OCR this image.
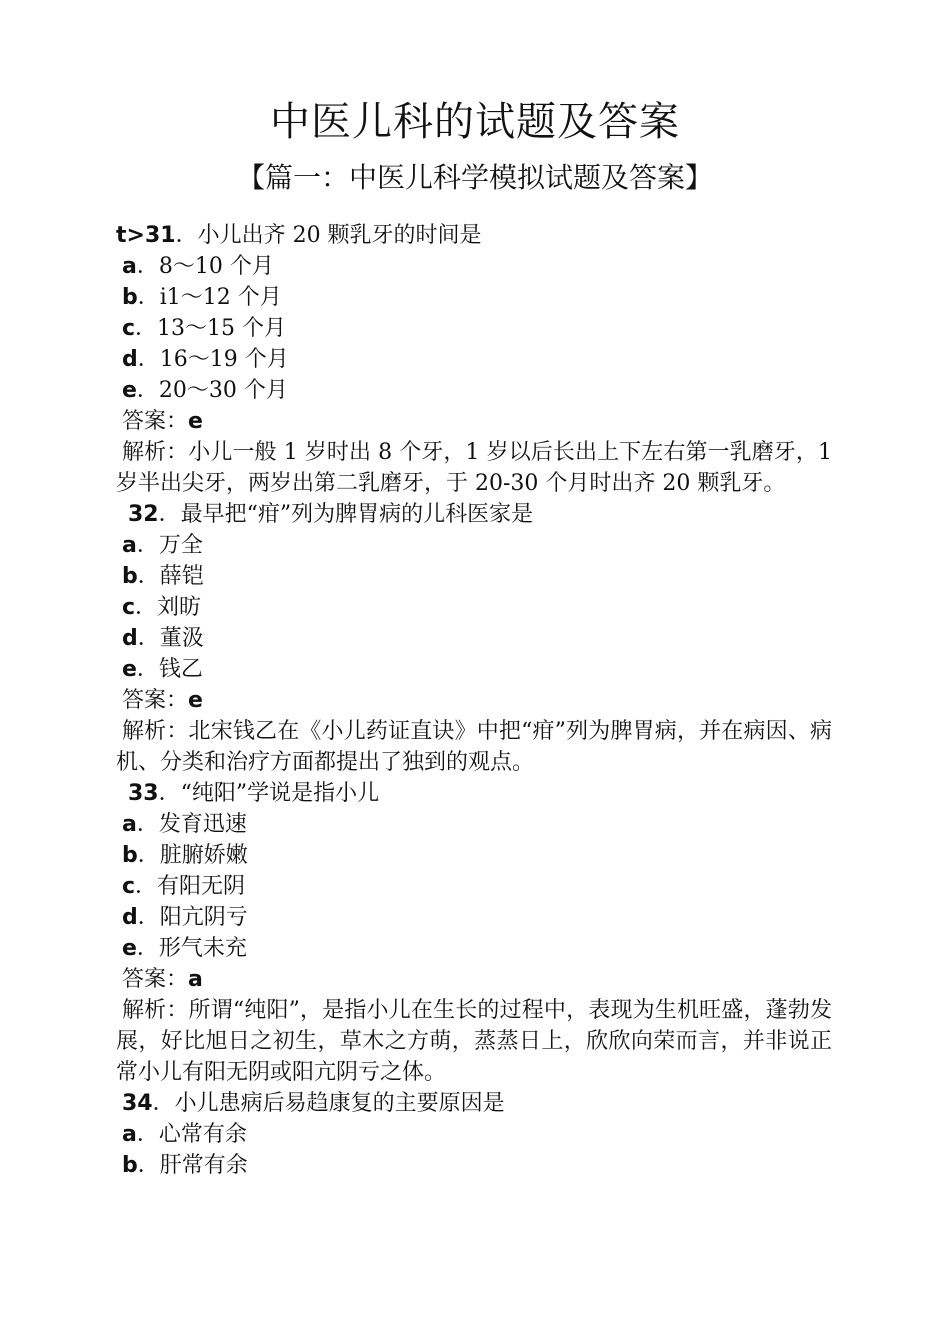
中医儿科的试题及答案
【篇一：中医儿科学模拟试题及答案】
t>31．小儿出齐 20 颗乳牙的时间是
a．8～10 个月
b．i1～12 个月
c．13～15 个月
d．16～19 个月
e．20～30 个月
答案：e
解析：小儿一般 1 岁时出 8 个牙，1 岁以后长出上下左右第一乳磨牙，1 岁半出尖牙，两岁出第二乳磨牙，于 20-30 个月时出齐 20 颗乳牙。
32．最早把“疳”列为脾胃病的儿科医家是
a．万全
b．薛铠
c．刘昉
d．董汲
e．钱乙
答案：e
解析：北宋钱乙在《小儿药证直诀》中把“疳”列为脾胃病，并在病因、病机、分类和治疗方面都提出了独到的观点。
33．“纯阳”学说是指小儿
a．发育迅速
b．脏腑娇嫩
c．有阳无阴
d．阳亢阴亏
e．形气未充
答案：a
解析：所谓“纯阳”，是指小儿在生长的过程中，表现为生机旺盛，蓬勃发展，好比旭日之初生，草木之方萌，蒸蒸日上，欣欣向荣而言，并非说正常小儿有阳无阴或阳亢阴亏之体。
34．小儿患病后易趋康复的主要原因是
a．心常有余
b．肝常有余
